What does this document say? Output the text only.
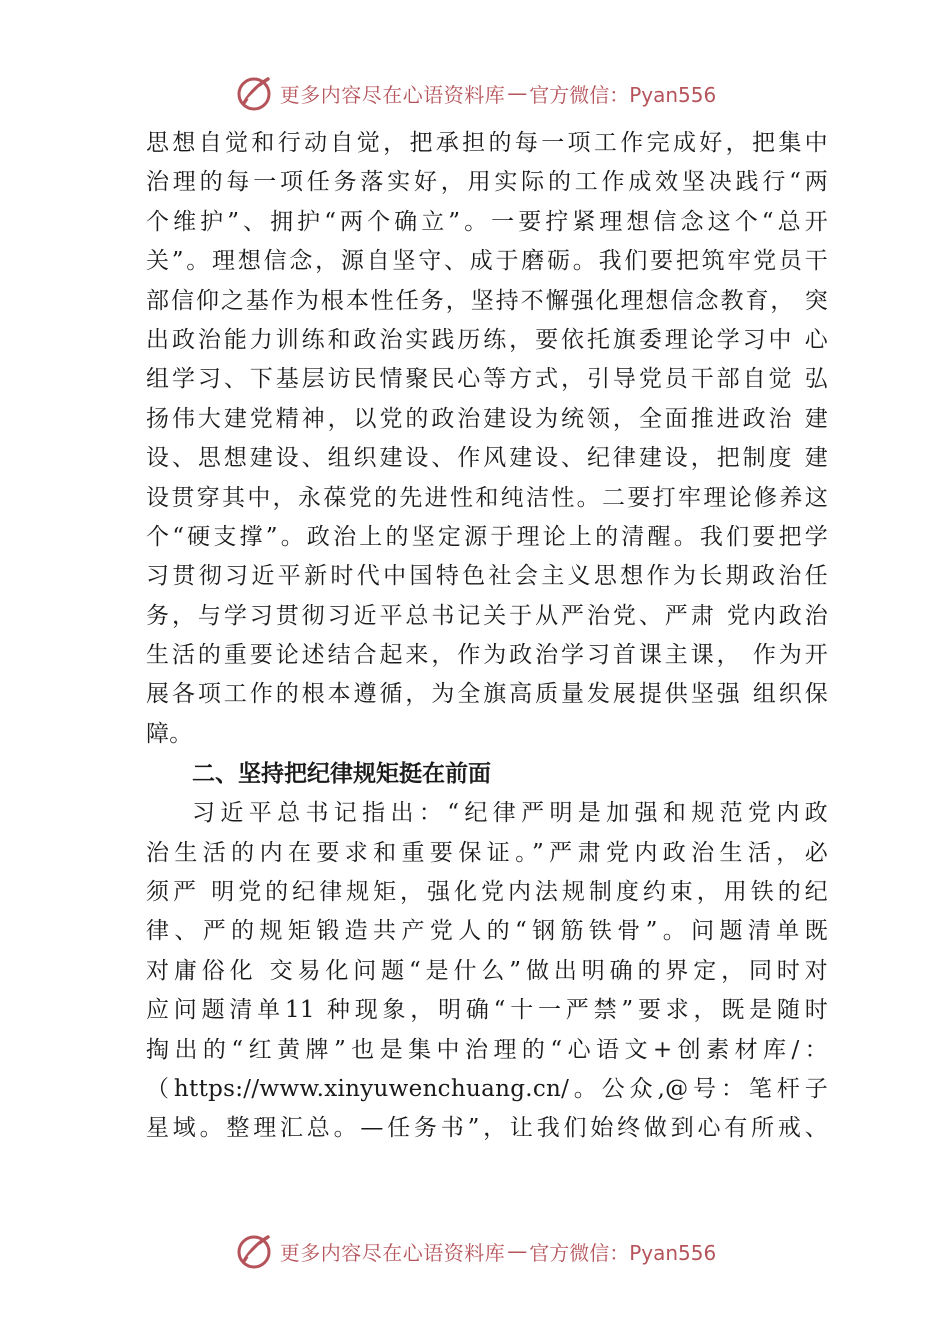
更多内容尽在心语资料库 — 官方微信：Pyan556
思想自觉和行动自觉，把承担的每一项工作完成好，把集中
治理的每一项任务落实好，用实际的工作成效坚决践行“两
个维护”、拥护“两个确立”。一要拧紧理想信念这个“总开
关”。理想信念，源自坚守、成于磨砺。我们要把筑牢党员干
部信仰之基作为根本性任务，坚持不懈强化理想信念教育， 突
出政治能力训练和政治实践历练，要依托旗委理论学习中 心
组学习、下基层访民情聚民心等方式，引导党员干部自觉 弘
扬伟大建党精神，以党的政治建设为统领，全面推进政治 建
设、思想建设、组织建设、作风建设、纪律建设，把制度 建
设贯穿其中，永葆党的先进性和纯洁性。二要打牢理论修养这
个“硬支撑”。政治上的坚定源于理论上的清醒。我们要把学
习贯彻习近平新时代中国特色社会主义思想作为长期政治任
务，与学习贯彻习近平总书记关于从严治党、严肃 党内政治
生活的重要论述结合起来，作为政治学习首课主课， 作为开
展各项工作的根本遵循，为全旗高质量发展提供坚强 组织保
障。
二、坚持把纪律规矩挺在前面
习近平总书记指出：“纪律严明是加强和规范党内政
治生活的内在要求和重要保证。”严肃党内政治生活，必
须严 明党的纪律规矩，强化党内法规制度约束，用铁的纪
律、严的规矩锻造共产党人的“钢筋铁骨”。问题清单既
对庸俗化 交易化问题“是什么”做出明确的界定，同时对
应问题清单11 种现象，明确“十一严禁”要求，既是随时
掏出的“红黄牌”也是集中治理的“心语文+创素材库/：
（https://www.xinyuwenchuang.cn/。公众,@号：笔杆子
星域。整理汇总。—任务书”，让我们始终做到心有所戒、
更多内容尽在心语资料库 — 官方微信：Pyan556
